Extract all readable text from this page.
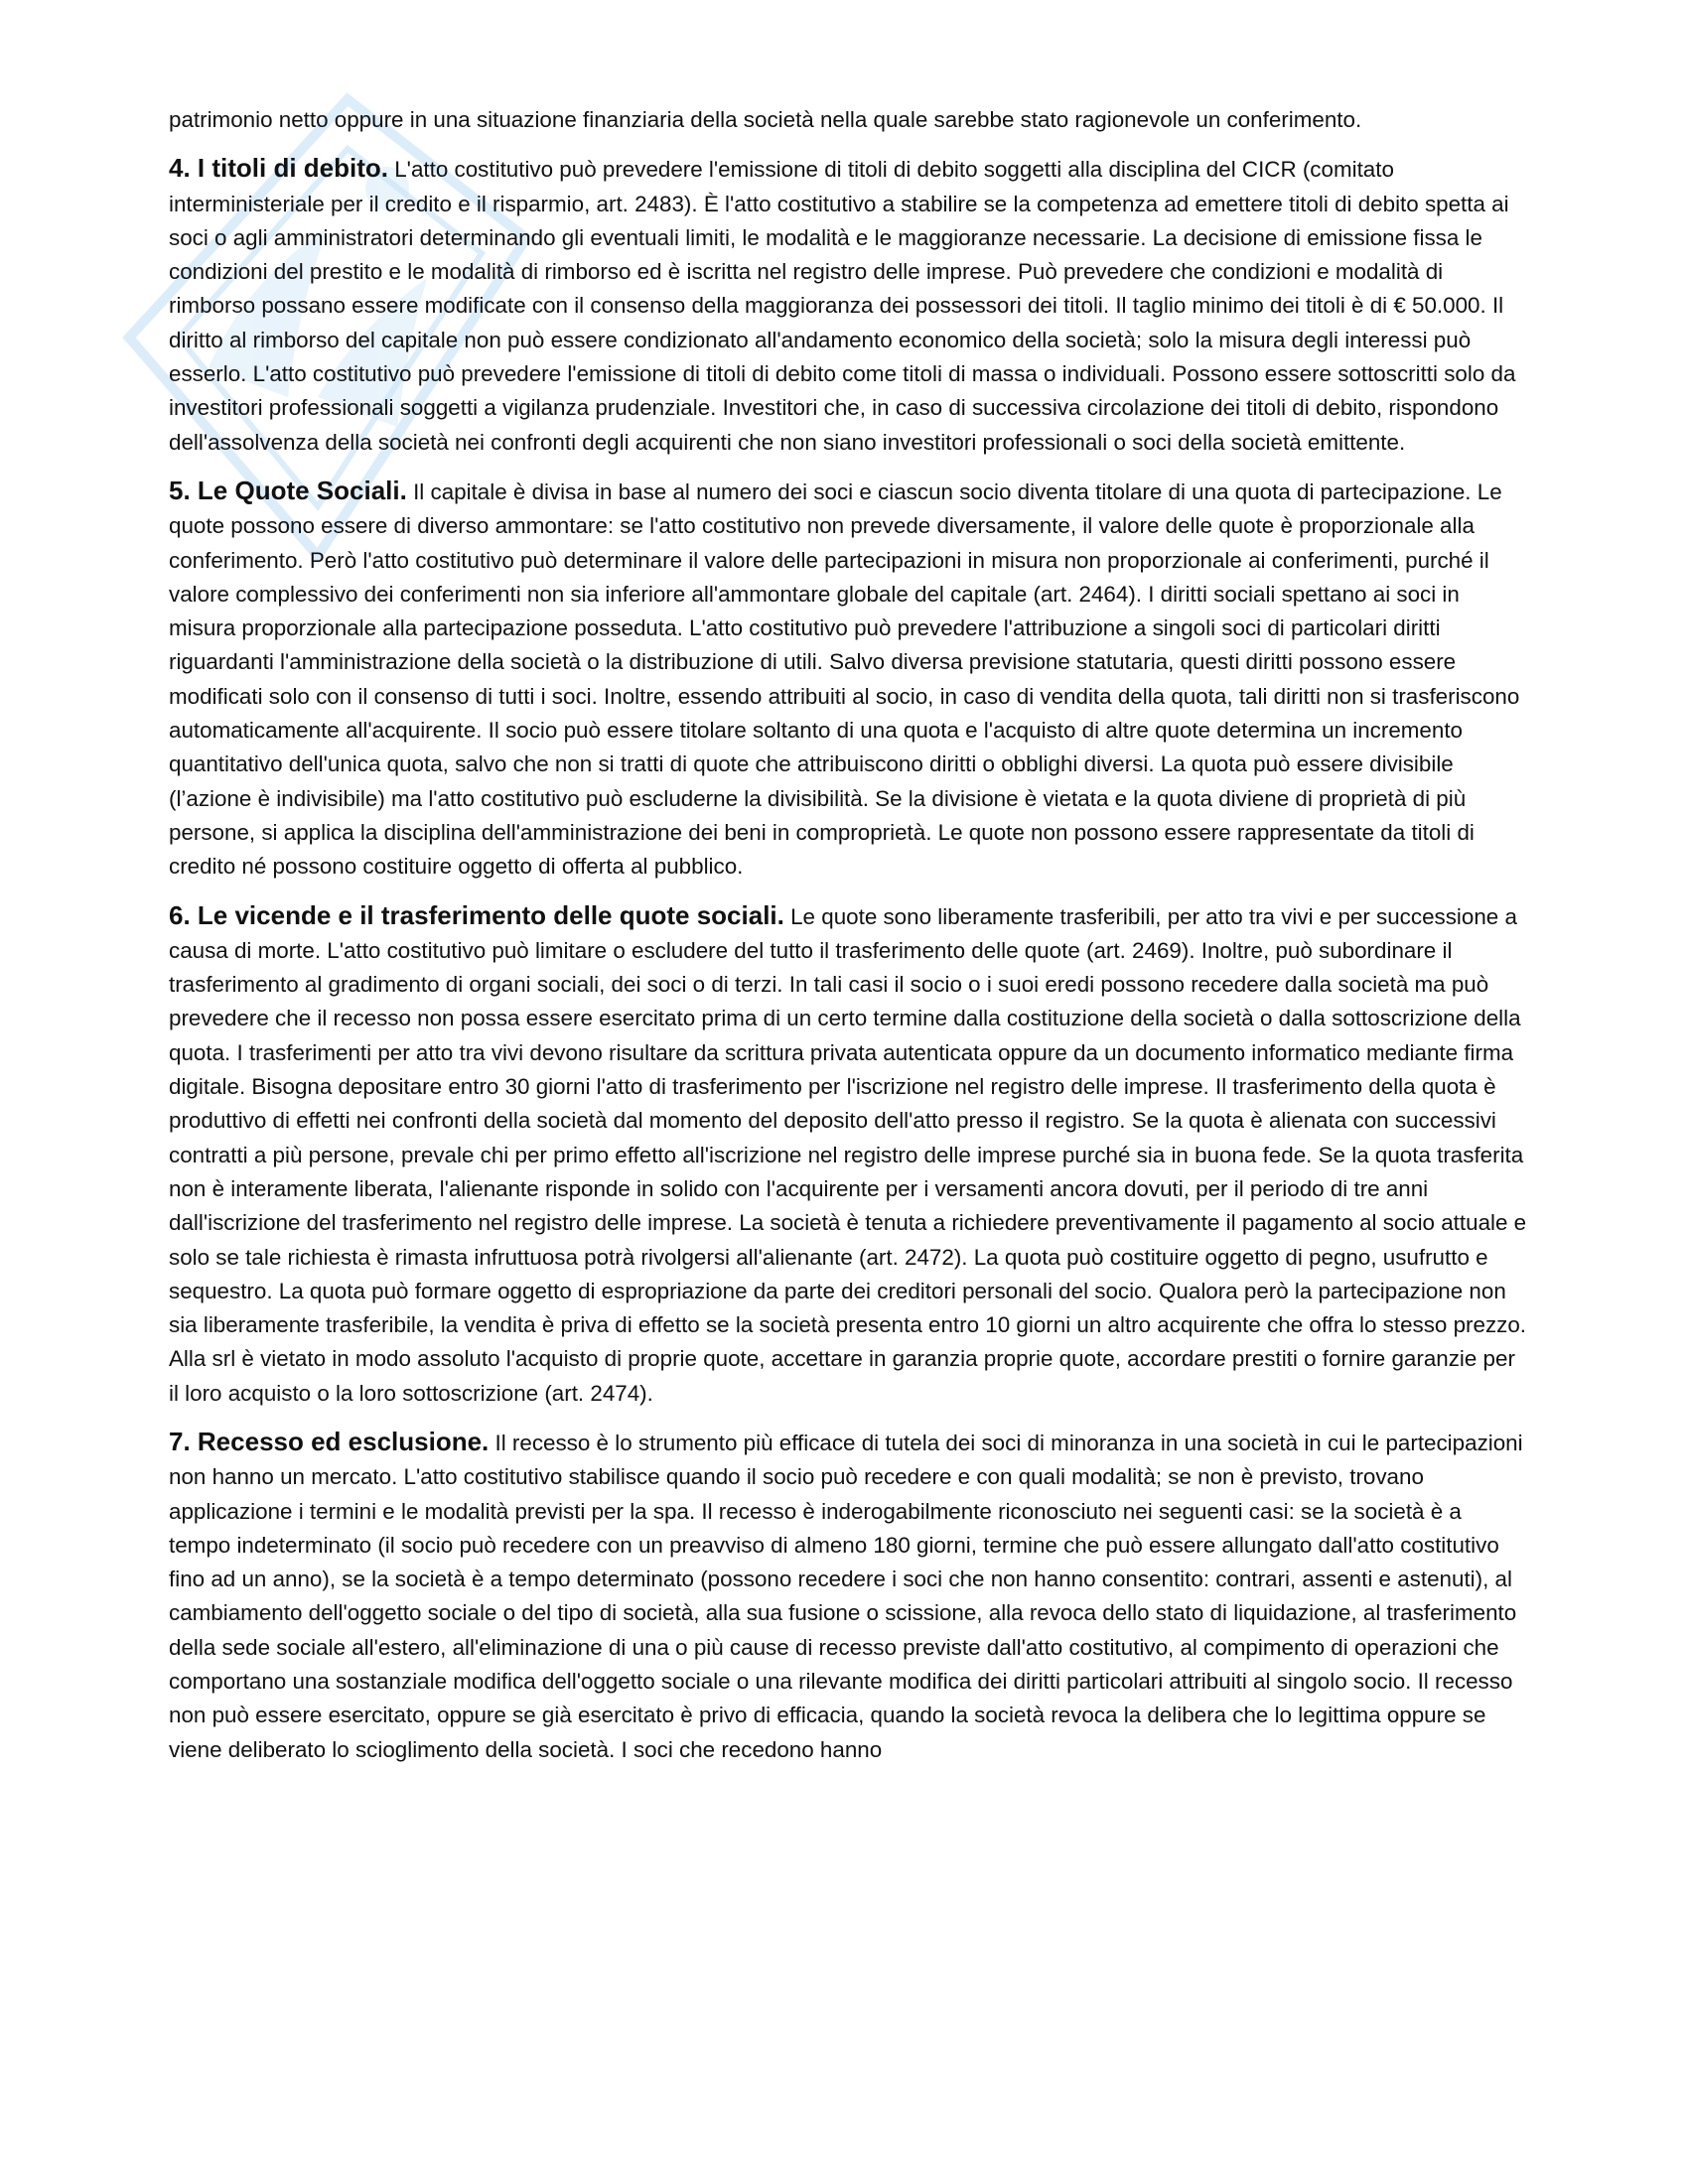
patrimonio netto oppure in una situazione finanziaria della società nella quale sarebbe stato ragionevole un conferimento.

4. I titoli di debito. L'atto costitutivo può prevedere l'emissione di titoli di debito soggetti alla disciplina del CICR (comitato interministeriale per il credito e il risparmio, art. 2483). È l'atto costitutivo a stabilire se la competenza ad emettere titoli di debito spetta ai soci o agli amministratori determinando gli eventuali limiti, le modalità e le maggioranze necessarie. La decisione di emissione fissa le condizioni del prestito e le modalità di rimborso ed è iscritta nel registro delle imprese. Può prevedere che condizioni e modalità di rimborso possano essere modificate con il consenso della maggioranza dei possessori dei titoli. Il taglio minimo dei titoli è di € 50.000. Il diritto al rimborso del capitale non può essere condizionato all'andamento economico della società; solo la misura degli interessi può esserlo. L'atto costitutivo può prevedere l'emissione di titoli di debito come titoli di massa o individuali. Possono essere sottoscritti solo da investitori professionali soggetti a vigilanza prudenziale. Investitori che, in caso di successiva circolazione dei titoli di debito, rispondono dell'assolvenza della società nei confronti degli acquirenti che non siano investitori professionali o soci della società emittente.

5. Le Quote Sociali. Il capitale è divisa in base al numero dei soci e ciascun socio diventa titolare di una quota di partecipazione. Le quote possono essere di diverso ammontare: se l'atto costitutivo non prevede diversamente, il valore delle quote è proporzionale alla conferimento. Però l'atto costitutivo può determinare il valore delle partecipazioni in misura non proporzionale ai conferimenti, purché il valore complessivo dei conferimenti non sia inferiore all'ammontare globale del capitale (art. 2464). I diritti sociali spettano ai soci in misura proporzionale alla partecipazione posseduta. L'atto costitutivo può prevedere l'attribuzione a singoli soci di particolari diritti riguardanti l'amministrazione della società o la distribuzione di utili. Salvo diversa previsione statutaria, questi diritti possono essere modificati solo con il consenso di tutti i soci. Inoltre, essendo attribuiti al socio, in caso di vendita della quota, tali diritti non si trasferiscono automaticamente all'acquirente. Il socio può essere titolare soltanto di una quota e l'acquisto di altre quote determina un incremento quantitativo dell'unica quota, salvo che non si tratti di quote che attribuiscono diritti o obblighi diversi. La quota può essere divisibile (l’azione è indivisibile) ma l'atto costitutivo può escluderne la divisibilità. Se la divisione è vietata e la quota diviene di proprietà di più persone, si applica la disciplina dell'amministrazione dei beni in comproprietà. Le quote non possono essere rappresentate da titoli di credito né possono costituire oggetto di offerta al pubblico.

6. Le vicende e il trasferimento delle quote sociali. Le quote sono liberamente trasferibili, per atto tra vivi e per successione a causa di morte. L'atto costitutivo può limitare o escludere del tutto il trasferimento delle quote (art. 2469). Inoltre, può subordinare il trasferimento al gradimento di organi sociali, dei soci o di terzi. In tali casi il socio o i suoi eredi possono recedere dalla società ma può prevedere che il recesso non possa essere esercitato prima di un certo termine dalla costituzione della società o dalla sottoscrizione della quota. I trasferimenti per atto tra vivi devono risultare da scrittura privata autenticata oppure da un documento informatico mediante firma digitale. Bisogna depositare entro 30 giorni l'atto di trasferimento per l'iscrizione nel registro delle imprese. Il trasferimento della quota è produttivo di effetti nei confronti della società dal momento del deposito dell'atto presso il registro. Se la quota è alienata con successivi contratti a più persone, prevale chi per primo effetto all'iscrizione nel registro delle imprese purché sia in buona fede. Se la quota trasferita non è interamente liberata, l'alienante risponde in solido con l'acquirente per i versamenti ancora dovuti, per il periodo di tre anni dall'iscrizione del trasferimento nel registro delle imprese. La società è tenuta a richiedere preventivamente il pagamento al socio attuale e solo se tale richiesta è rimasta infruttuosa potrà rivolgersi all'alienante (art. 2472). La quota può costituire oggetto di pegno, usufrutto e sequestro. La quota può formare oggetto di espropriazione da parte dei creditori personali del socio. Qualora però la partecipazione non sia liberamente trasferibile, la vendita è priva di effetto se la società presenta entro 10 giorni un altro acquirente che offra lo stesso prezzo. Alla srl è vietato in modo assoluto l'acquisto di proprie quote, accettare in garanzia proprie quote, accordare prestiti o fornire garanzie per il loro acquisto o la loro sottoscrizione (art. 2474).

7. Recesso ed esclusione. Il recesso è lo strumento più efficace di tutela dei soci di minoranza in una società in cui le partecipazioni non hanno un mercato. L'atto costitutivo stabilisce quando il socio può recedere e con quali modalità; se non è previsto, trovano applicazione i termini e le modalità previsti per la spa. Il recesso è inderogabilmente riconosciuto nei seguenti casi: se la società è a tempo indeterminato (il socio può recedere con un preavviso di almeno 180 giorni, termine che può essere allungato dall'atto costitutivo fino ad un anno), se la società è a tempo determinato (possono recedere i soci che non hanno consentito: contrari, assenti e astenuti), al cambiamento dell'oggetto sociale o del tipo di società, alla sua fusione o scissione, alla revoca dello stato di liquidazione, al trasferimento della sede sociale all'estero, all'eliminazione di una o più cause di recesso previste dall'atto costitutivo, al compimento di operazioni che comportano una sostanziale modifica dell'oggetto sociale o una rilevante modifica dei diritti particolari attribuiti al singolo socio. Il recesso non può essere esercitato, oppure se già esercitato è privo di efficacia, quando la società revoca la delibera che lo legittima oppure se viene deliberato lo scioglimento della società. I soci che recedono hanno
